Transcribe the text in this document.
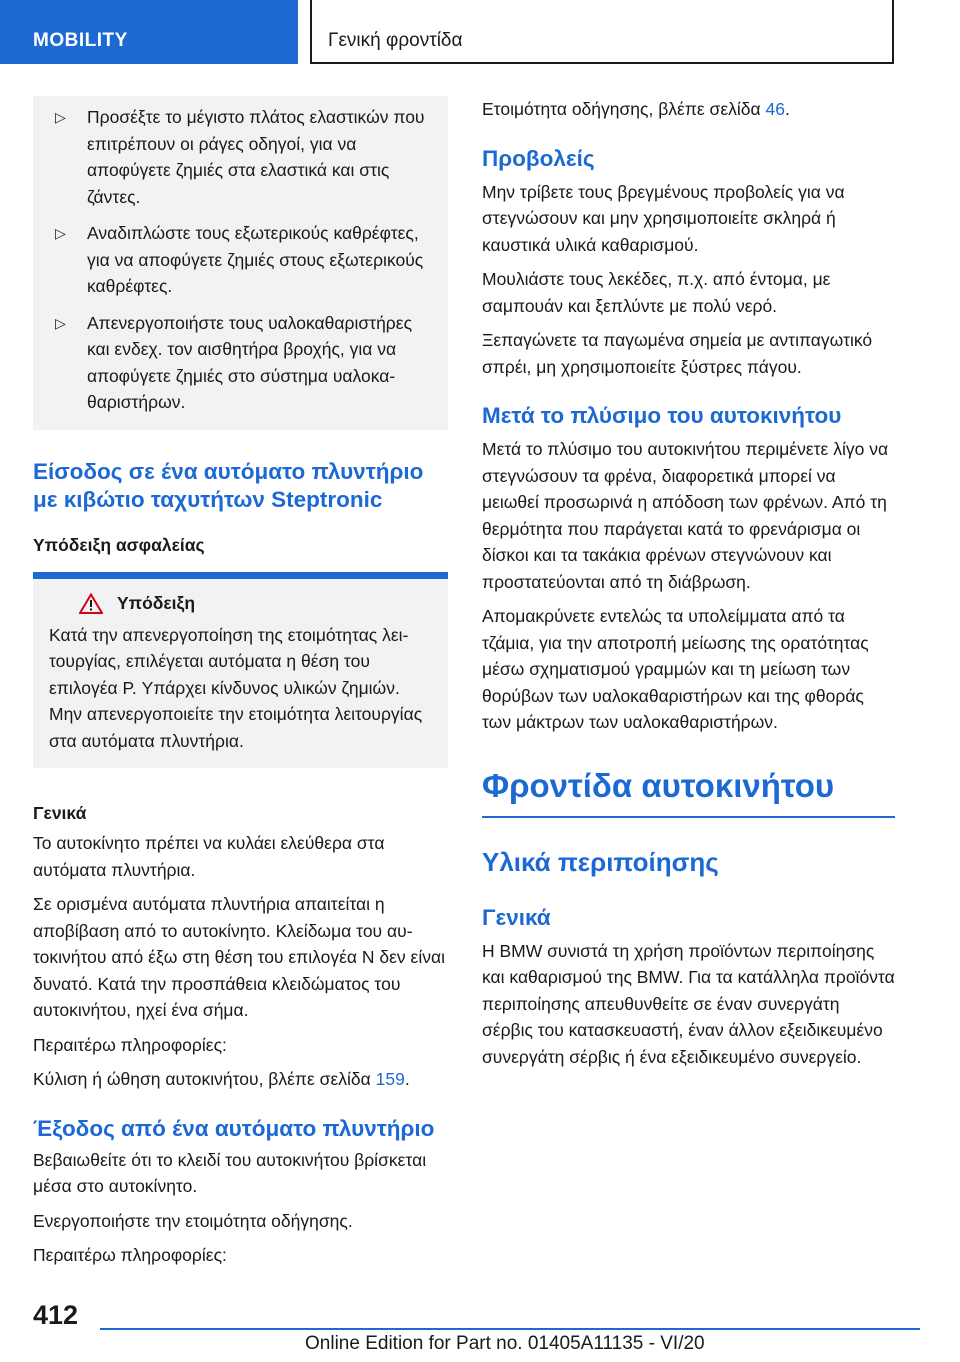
MOBILITY	Γενική φροντίδα
▷ Προσέξτε το μέγιστο πλάτος ελαστικών που επιτρέπουν οι ράγες οδηγοί, για να αποφύγετε ζημιές στα ελαστικά και στις ζάντες.
▷ Αναδιπλώστε τους εξωτερικούς καθρέφτες, για να αποφύγετε ζημιές στους εξωτερικούς καθρέφτες.
▷ Απενεργοποιήστε τους υαλοκαθαριστήρες και ενδεχ. τον αισθητήρα βροχής, για να αποφύγετε ζημιές στο σύστημα υαλοκαθαριστήρων.
Είσοδος σε ένα αυτόματο πλυντήριο με κιβώτιο ταχυτήτων Steptronic
Υπόδειξη ασφαλείας
Υπόδειξη

Κατά την απενεργοποίηση της ετοιμότητας λειτουργίας, επιλέγεται αυτόματα η θέση του επιλογέα P. Υπάρχει κίνδυνος υλικών ζημιών. Μην απενεργοποιείτε την ετοιμότητα λειτουργίας στα αυτόματα πλυντήρια.

Γενικά

Το αυτοκίνητο πρέπει να κυλάει ελεύθερα στα αυτόματα πλυντήρια.

Σε ορισμένα αυτόματα πλυντήρια απαιτείται η αποβίβαση από το αυτοκίνητο. Κλείδωμα του αυτοκινήτου από έξω στη θέση του επιλογέα N δεν είναι δυνατό. Κατά την προσπάθεια κλειδώματος του αυτοκινήτου, ηχεί ένα σήμα.

Περαιτέρω πληροφορίες:

Κύλιση ή ώθηση αυτοκινήτου, βλέπε σελίδα 159.

Έξοδος από ένα αυτόματο πλυντήριο

Βεβαιωθείτε ότι το κλειδί του αυτοκινήτου βρίσκεται μέσα στο αυτοκίνητο.

Ενεργοποιήστε την ετοιμότητα οδήγησης.

Περαιτέρω πληροφορίες:

Ετοιμότητα οδήγησης, βλέπε σελίδα 46.

Προβολείς

Μην τρίβετε τους βρεγμένους προβολείς για να στεγνώσουν και μην χρησιμοποιείτε σκληρά ή καυστικά υλικά καθαρισμού.

Μουλιάστε τους λεκέδες, π.χ. από έντομα, με σαμπουάν και ξεπλύντε με πολύ νερό.

Ξεπαγώνετε τα παγωμένα σημεία με αντιπαγωτικό σπρέι, μη χρησιμοποιείτε ξύστρες πάγου.

Μετά το πλύσιμο του αυτοκινήτου

Μετά το πλύσιμο του αυτοκινήτου περιμένετε λίγο να στεγνώσουν τα φρένα, διαφορετικά μπορεί να μειωθεί προσωρινά η απόδοση των φρένων. Από τη θερμότητα που παράγεται κατά το φρενάρισμα οι δίσκοι και τα τακάκια φρένων στεγνώνουν και προστατεύονται από τη διάβρωση.

Απομακρύνετε εντελώς τα υπολείμματα από τα τζάμια, για την αποτροπή μείωσης της ορατότητας μέσω σχηματισμού γραμμών και τη μείωση των θορύβων των υαλοκαθαριστήρων και της φθοράς των μάκτρων των υαλοκαθαριστήρων.

Φροντίδα αυτοκινήτου
Υλικά περιποίησης
Γενικά

Η BMW συνιστά τη χρήση προϊόντων περιποίησης και καθαρισμού της BMW. Για τα κατάλληλα προϊόντα περιποίησης απευθυνθείτε σε έναν συνεργάτη σέρβις του κατασκευαστή, έναν άλλον εξειδικευμένο συνεργάτη σέρβις ή ένα εξειδικευμένο συνεργείο.

412
Online Edition for Part no. 01405A11135 - VI/20
